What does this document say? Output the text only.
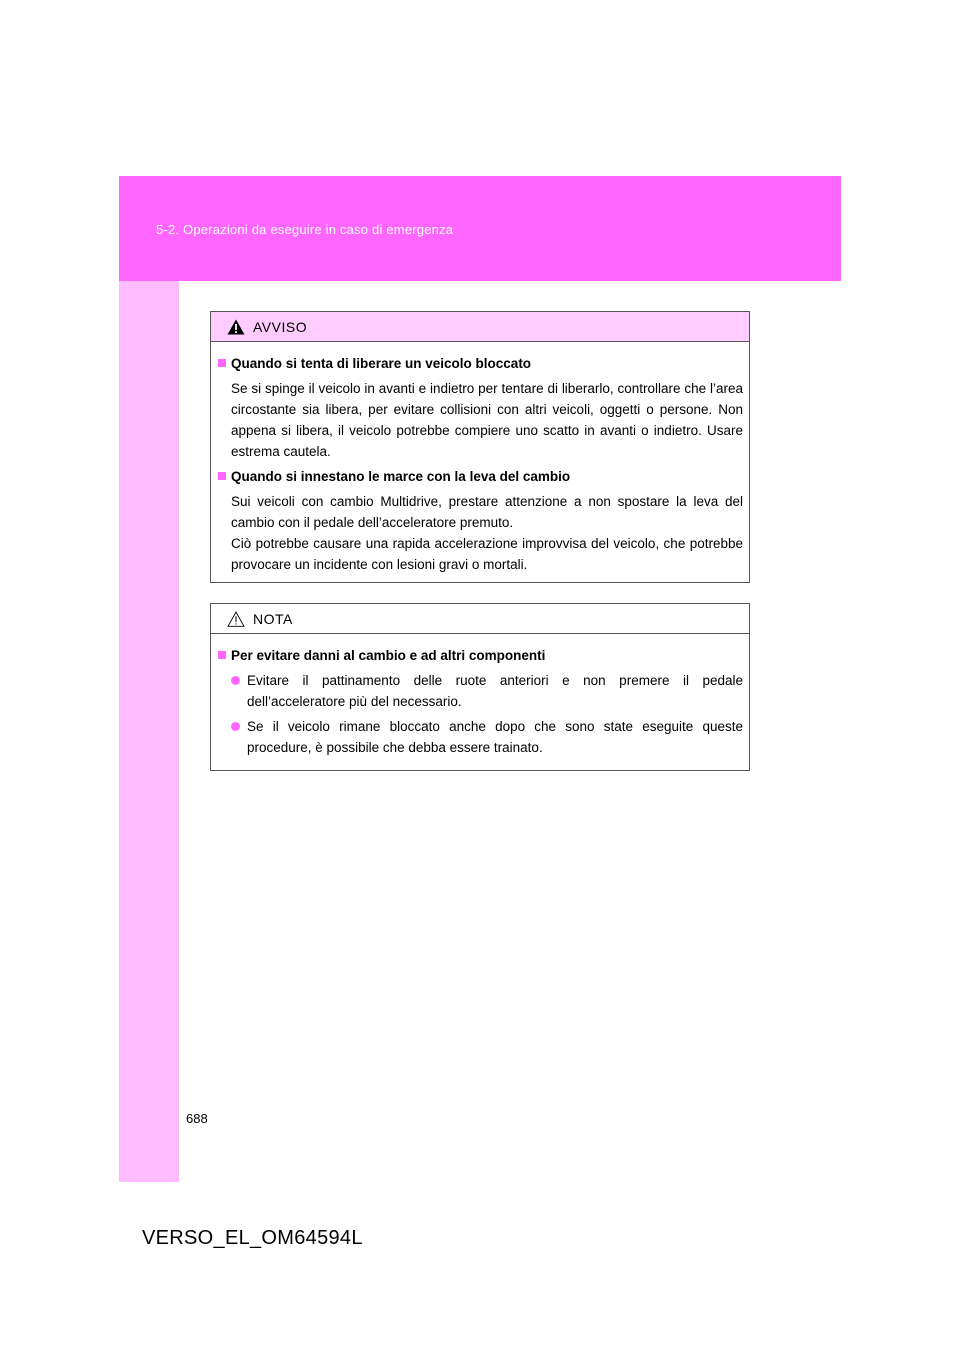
5-2. Operazioni da eseguire in caso di emergenza
AVVISO
Quando si tenta di liberare un veicolo bloccato
Se si spinge il veicolo in avanti e indietro per tentare di liberarlo, controllare che l’area circostante sia libera, per evitare collisioni con altri veicoli, oggetti o persone. Non appena si libera, il veicolo potrebbe compiere uno scatto in avanti o indietro. Usare estrema cautela.
Quando si innestano le marce con la leva del cambio
Sui veicoli con cambio Multidrive, prestare attenzione a non spostare la leva del cambio con il pedale dell’acceleratore premuto.
Ciò potrebbe causare una rapida accelerazione improvvisa del veicolo, che potrebbe provocare un incidente con lesioni gravi o mortali.
NOTA
Per evitare danni al cambio e ad altri componenti
Evitare il pattinamento delle ruote anteriori e non premere il pedale dell’acceleratore più del necessario.
Se il veicolo rimane bloccato anche dopo che sono state eseguite queste procedure, è possibile che debba essere trainato.
688
VERSO_EL_OM64594L
